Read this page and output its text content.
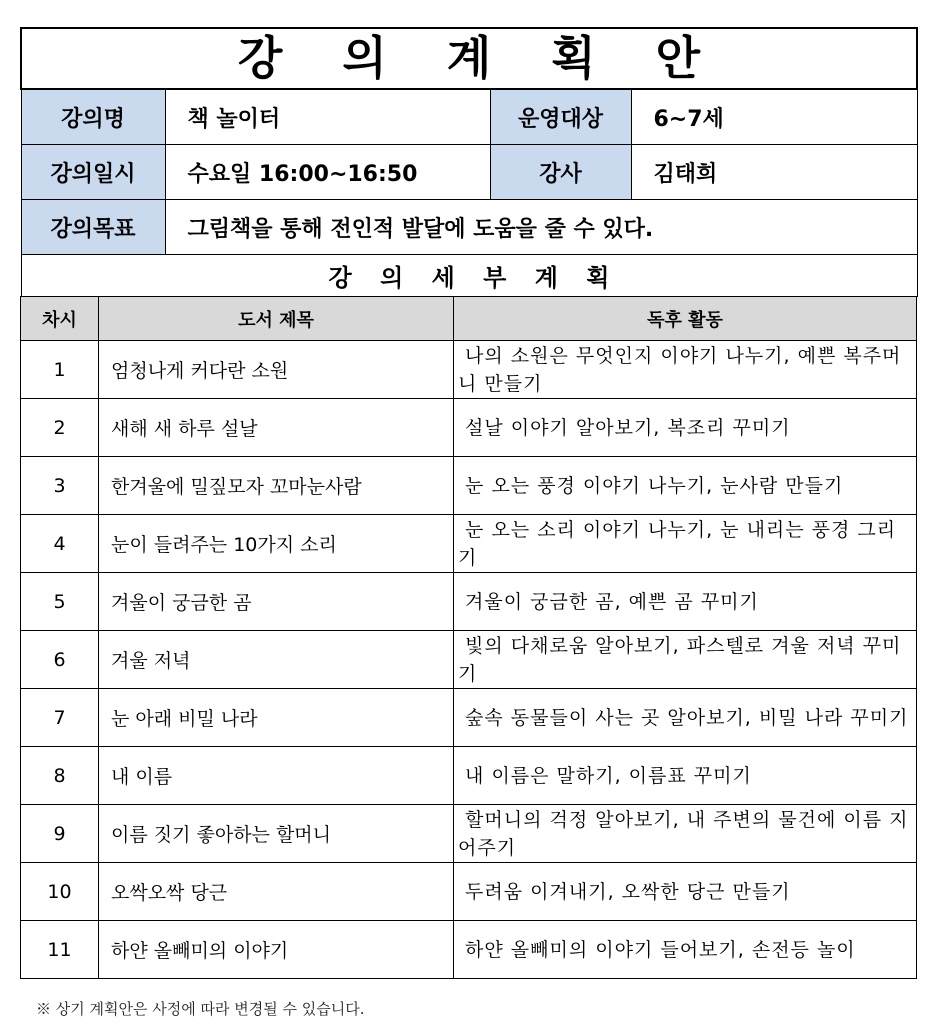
강 의 계 획 안			
강의명	책 놀이터	운영대상	6~7세
강의일시	수요일 16:00~16:50	강사	김태희
강의목표	그림책을 통해 전인적 발달에 도움을 줄 수 있다.		
강 의 세 부 계 획			
차시	도서 제목	독후 활동
1	엄청나게 커다란 소원	나의 소원은 무엇인지 이야기 나누기, 예쁜 복주머니 만들기
2	새해 새 하루 설날	설날 이야기 알아보기, 복조리 꾸미기
3	한겨울에 밀짚모자 꼬마눈사람	눈 오는 풍경 이야기 나누기, 눈사람 만들기
4	눈이 들려주는 10가지 소리	눈 오는 소리 이야기 나누기, 눈 내리는 풍경 그리기
5	겨울이 궁금한 곰	겨울이 궁금한 곰, 예쁜 곰 꾸미기
6	겨울 저녁	빛의 다채로움 알아보기, 파스텔로 겨울 저녁 꾸미기
7	눈 아래 비밀 나라	숲속 동물들이 사는 곳 알아보기, 비밀 나라 꾸미기
8	내 이름	내 이름은 말하기, 이름표 꾸미기
9	이름 짓기 좋아하는 할머니	할머니의 걱정 알아보기, 내 주변의 물건에 이름 지어주기
10	오싹오싹 당근	두려움 이겨내기, 오싹한 당근 만들기
11	하얀 올빼미의 이야기	하얀 올빼미의 이야기 들어보기, 손전등 놀이
※ 상기 계획안은 사정에 따라 변경될 수 있습니다.
